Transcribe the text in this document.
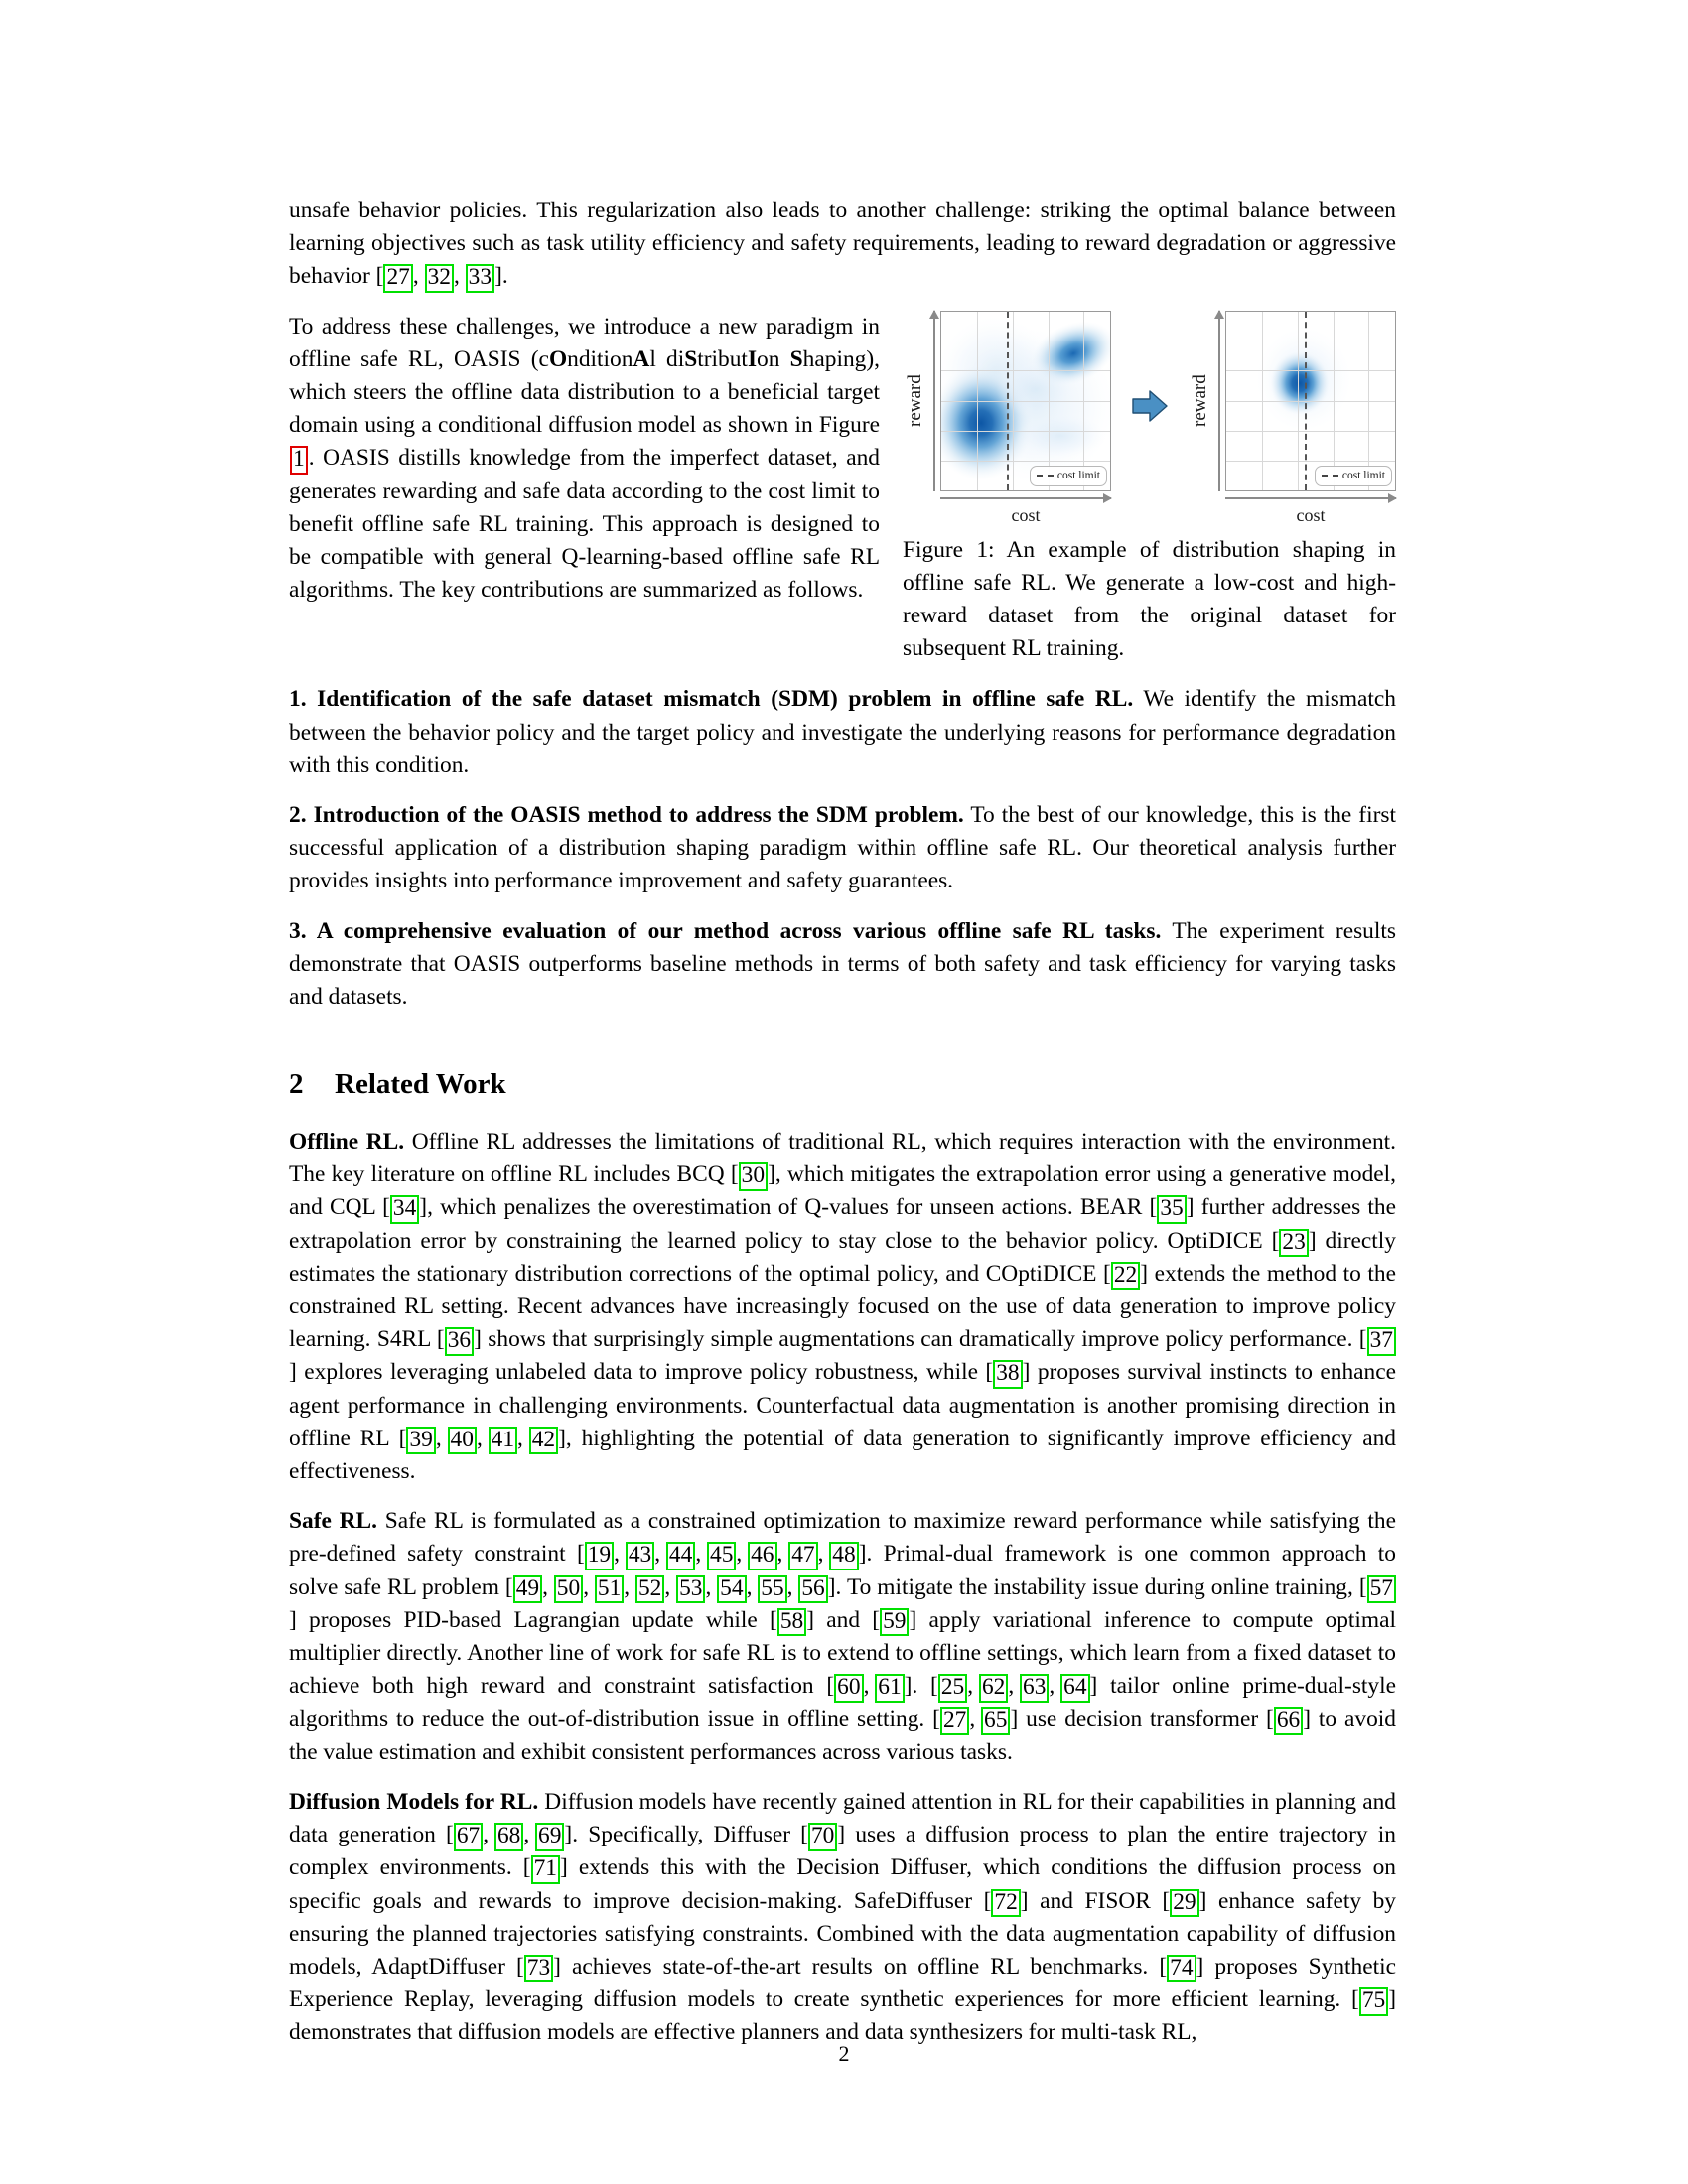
unsafe behavior policies. This regularization also leads to another challenge: striking the optimal balance between learning objectives such as task utility efficiency and safety requirements, leading to reward degradation or aggressive behavior [ 27 , 32 , 33 ].

reward
cost limit
cost
reward
cost limit
cost
Figure 1: An example of distribution shaping in offline safe RL. We generate a low-cost and high-reward dataset from the original dataset for subsequent RL training.

To address these challenges, we introduce a new paradigm in offline safe RL, OASIS (cOnditionAl diStributIon Shaping), which steers the offline data distribution to a beneficial target domain using a conditional diffusion model as shown in Figure 1 . OASIS distills knowledge from the imperfect dataset, and generates rewarding and safe data according to the cost limit to benefit offline safe RL training. This approach is designed to be compatible with general Q-learning-based offline safe RL algorithms. The key contributions are summarized as follows.

1. Identification of the safe dataset mismatch (SDM) problem in offline safe RL. We identify the mismatch between the behavior policy and the target policy and investigate the underlying reasons for performance degradation with this condition.

2. Introduction of the OASIS method to address the SDM problem. To the best of our knowledge, this is the first successful application of a distribution shaping paradigm within offline safe RL. Our theoretical analysis further provides insights into performance improvement and safety guarantees.

3. A comprehensive evaluation of our method across various offline safe RL tasks. The experiment results demonstrate that OASIS outperforms baseline methods in terms of both safety and task efficiency for varying tasks and datasets.

2 Related Work

Offline RL. Offline RL addresses the limitations of traditional RL, which requires interaction with the environment. The key literature on offline RL includes BCQ [ 30 ], which mitigates the extrapolation error using a generative model, and CQL [ 34 ], which penalizes the overestimation of Q-values for unseen actions. BEAR [ 35 ] further addresses the extrapolation error by constraining the learned policy to stay close to the behavior policy. OptiDICE [ 23 ] directly estimates the stationary distribution corrections of the optimal policy, and COptiDICE [ 22 ] extends the method to the constrained RL setting. Recent advances have increasingly focused on the use of data generation to improve policy learning. S4RL [ 36 ] shows that surprisingly simple augmentations can dramatically improve policy performance. [ 37] explores leveraging unlabeled data to improve policy robustness, while [ 38 ] proposes survival instincts to enhance agent performance in challenging environments. Counterfactual data augmentation is another promising direction in offline RL [ 39 , 40 , 41 , 42 ], highlighting the potential of data generation to significantly improve efficiency and effectiveness.

Safe RL. Safe RL is formulated as a constrained optimization to maximize reward performance while satisfying the pre-defined safety constraint [ 19 , 43 , 44 , 45 , 46 , 47 , 48 ]. Primal-dual framework is one common approach to solve safe RL problem [ 49 , 50 , 51 , 52 , 53 , 54 , 55 , 56 ]. To mitigate the instability issue during online training, [ 57] proposes PID-based Lagrangian update while [ 58 ] and [ 59 ] apply variational inference to compute optimal multiplier directly. Another line of work for safe RL is to extend to offline settings, which learn from a fixed dataset to achieve both high reward and constraint satisfaction [ 60 , 61 ]. [ 25 , 62 , 63 , 64 ] tailor online prime-dual-style algorithms to reduce the out-of-distribution issue in offline setting. [ 27 , 65 ] use decision transformer [ 66 ] to avoid the value estimation and exhibit consistent performances across various tasks.

Diffusion Models for RL. Diffusion models have recently gained attention in RL for their capabilities in planning and data generation [ 67 , 68 , 69 ]. Specifically, Diffuser [ 70 ] uses a diffusion process to plan the entire trajectory in complex environments. [ 71 ] extends this with the Decision Diffuser, which conditions the diffusion process on specific goals and rewards to improve decision-making. SafeDiffuser [ 72 ] and FISOR [ 29 ] enhance safety by ensuring the planned trajectories satisfying constraints. Combined with the data augmentation capability of diffusion models, AdaptDiffuser [ 73 ] achieves state-of-the-art results on offline RL benchmarks. [ 74 ] proposes Synthetic Experience Replay, leveraging diffusion models to create synthetic experiences for more efficient learning. [ 75 ] demonstrates that diffusion models are effective planners and data synthesizers for multi-task RL,

2
